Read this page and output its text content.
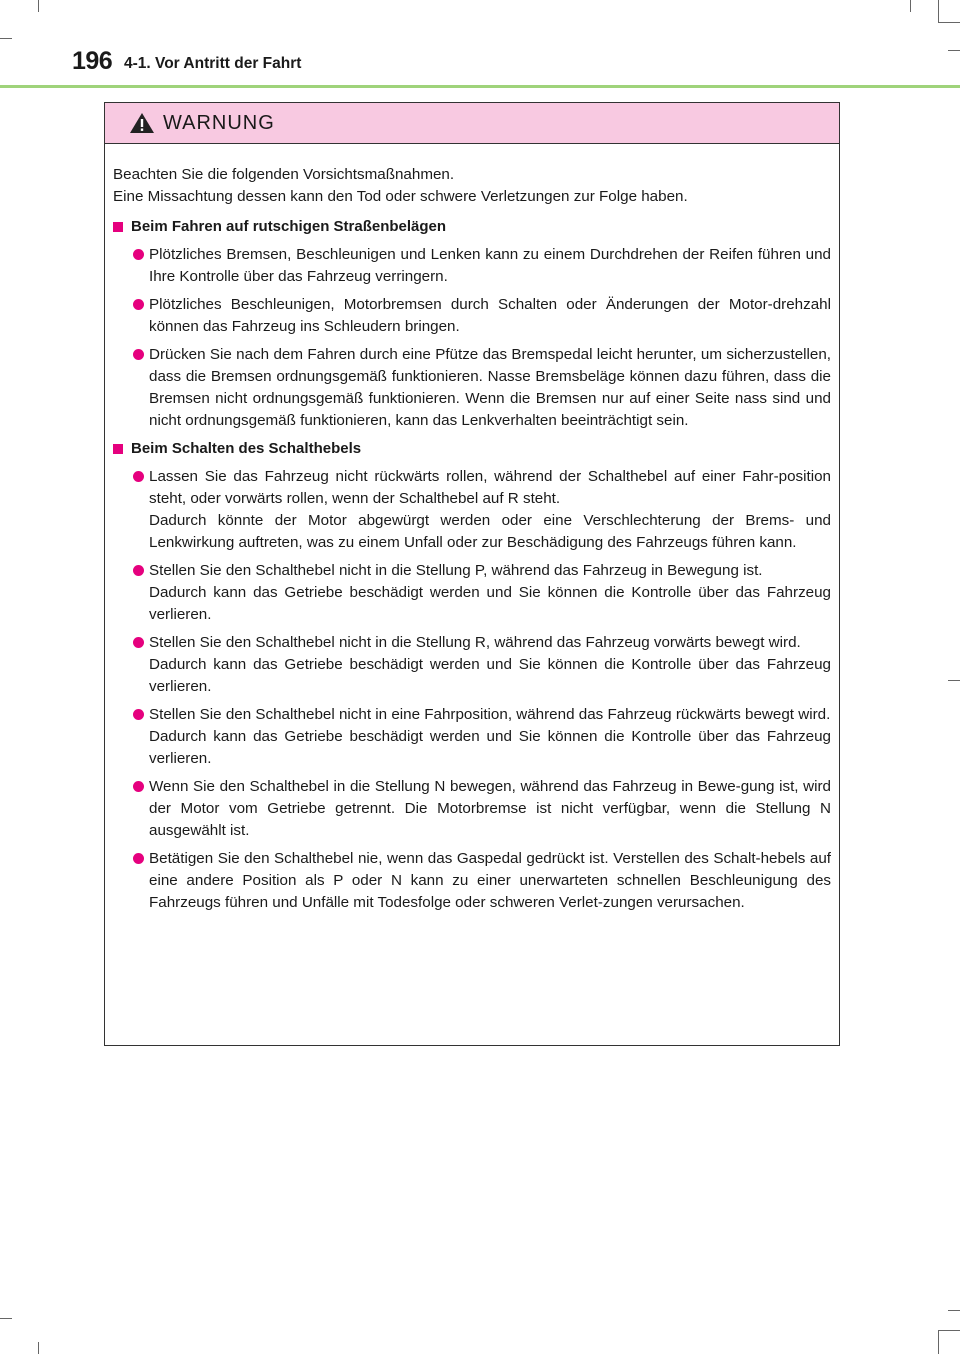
196 4-1. Vor Antritt der Fahrt
WARNUNG
Beachten Sie die folgenden Vorsichtsmaßnahmen.
Eine Missachtung dessen kann den Tod oder schwere Verletzungen zur Folge haben.
Beim Fahren auf rutschigen Straßenbelägen

Plötzliches Bremsen, Beschleunigen und Lenken kann zu einem Durchdrehen der Reifen führen und Ihre Kontrolle über das Fahrzeug verringern.

Plötzliches Beschleunigen, Motorbremsen durch Schalten oder Änderungen der Motor-drehzahl können das Fahrzeug ins Schleudern bringen.

Drücken Sie nach dem Fahren durch eine Pfütze das Bremspedal leicht herunter, um sicherzustellen, dass die Bremsen ordnungsgemäß funktionieren. Nasse Bremsbeläge können dazu führen, dass die Bremsen nicht ordnungsgemäß funktionieren. Wenn die Bremsen nur auf einer Seite nass sind und nicht ordnungsgemäß funktionieren, kann das Lenkverhalten beeinträchtigt sein.

Beim Schalten des Schalthebels

Lassen Sie das Fahrzeug nicht rückwärts rollen, während der Schalthebel auf einer Fahr-position steht, oder vorwärts rollen, wenn der Schalthebel auf R steht.

Dadurch könnte der Motor abgewürgt werden oder eine Verschlechterung der Brems- und Lenkwirkung auftreten, was zu einem Unfall oder zur Beschädigung des Fahrzeugs führen kann.

Stellen Sie den Schalthebel nicht in die Stellung P, während das Fahrzeug in Bewegung ist.

Dadurch kann das Getriebe beschädigt werden und Sie können die Kontrolle über das Fahrzeug verlieren.

Stellen Sie den Schalthebel nicht in die Stellung R, während das Fahrzeug vorwärts bewegt wird.

Dadurch kann das Getriebe beschädigt werden und Sie können die Kontrolle über das Fahrzeug verlieren.

Stellen Sie den Schalthebel nicht in eine Fahrposition, während das Fahrzeug rückwärts bewegt wird.

Dadurch kann das Getriebe beschädigt werden und Sie können die Kontrolle über das Fahrzeug verlieren.

Wenn Sie den Schalthebel in die Stellung N bewegen, während das Fahrzeug in Bewe-gung ist, wird der Motor vom Getriebe getrennt. Die Motorbremse ist nicht verfügbar, wenn die Stellung N ausgewählt ist.

Betätigen Sie den Schalthebel nie, wenn das Gaspedal gedrückt ist. Verstellen des Schalt-hebels auf eine andere Position als P oder N kann zu einer unerwarteten schnellen Beschleunigung des Fahrzeugs führen und Unfälle mit Todesfolge oder schweren Verlet-zungen verursachen.
